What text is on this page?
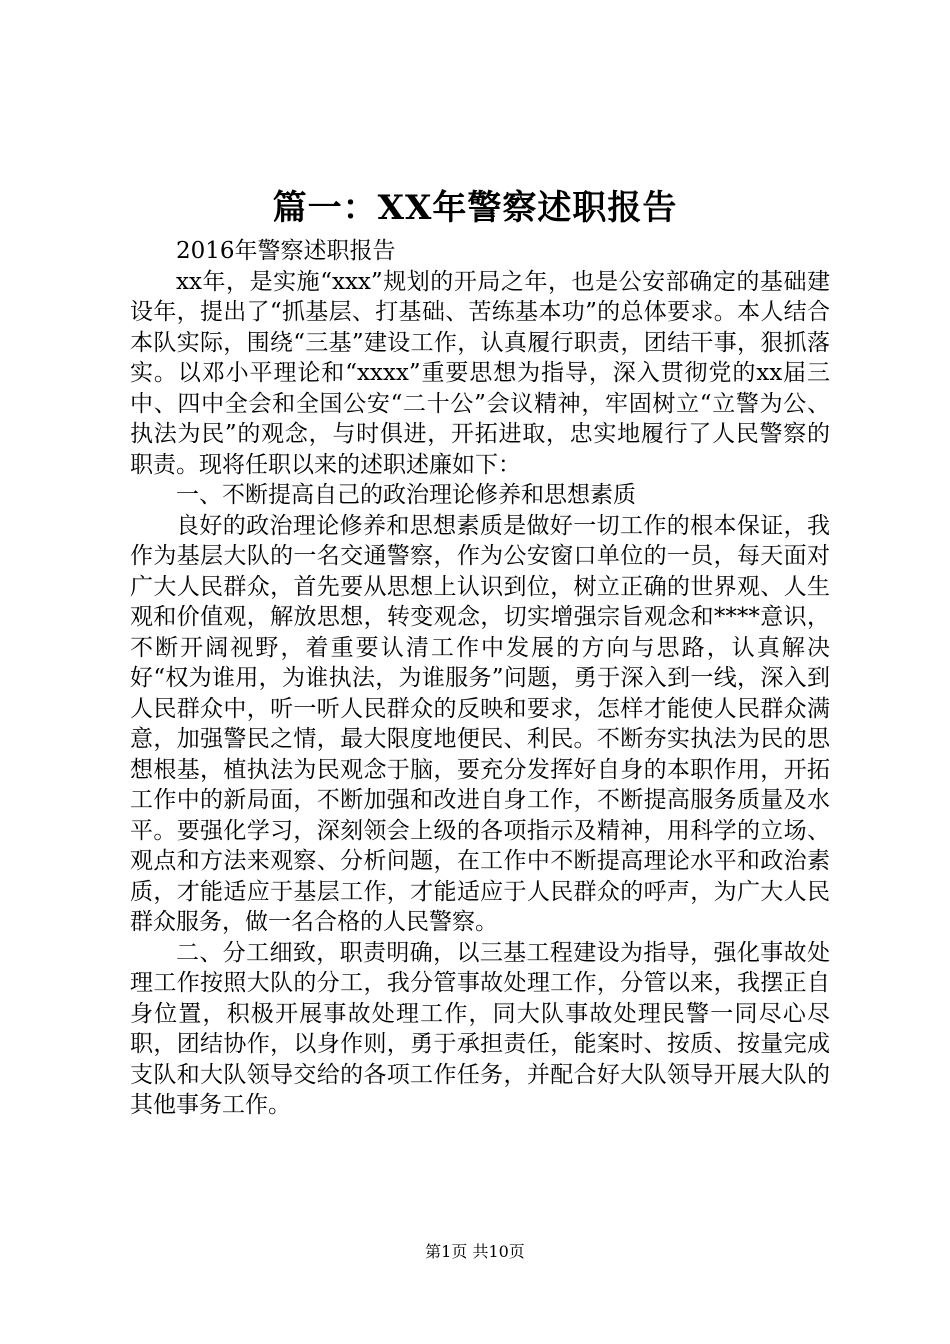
篇一：XX年警察述职报告

2016年警察述职报告

xx年，是实施“xxx”规划的开局之年，也是公安部确定的基础建设年，提出了“抓基层、打基础、苦练基本功”的总体要求。本人结合本队实际，围绕“三基”建设工作，认真履行职责，团结干事，狠抓落实。以邓小平理论和“xxxx”重要思想为指导，深入贯彻党的xx届三中、四中全会和全国公安“二十公”会议精神，牢固树立“立警为公、执法为民”的观念，与时俱进，开拓进取，忠实地履行了人民警察的职责。现将任职以来的述职述廉如下：

一、不断提高自己的政治理论修养和思想素质

良好的政治理论修养和思想素质是做好一切工作的根本保证，我作为基层大队的一名交通警察，作为公安窗口单位的一员，每天面对广大人民群众，首先要从思想上认识到位，树立正确的世界观、人生观和价值观，解放思想，转变观念，切实增强宗旨观念和****意识，不断开阔视野，着重要认清工作中发展的方向与思路，认真解决好“权为谁用，为谁执法，为谁服务”问题，勇于深入到一线，深入到人民群众中，听一听人民群众的反映和要求，怎样才能使人民群众满意，加强警民之情，最大限度地便民、利民。不断夯实执法为民的思想根基，植执法为民观念于脑，要充分发挥好自身的本职作用，开拓工作中的新局面，不断加强和改进自身工作，不断提高服务质量及水平。要强化学习，深刻领会上级的各项指示及精神，用科学的立场、观点和方法来观察、分析问题，在工作中不断提高理论水平和政治素质，才能适应于基层工作，才能适应于人民群众的呼声，为广大人民群众服务，做一名合格的人民警察。

二、分工细致，职责明确，以三基工程建设为指导，强化事故处理工作按照大队的分工，我分管事故处理工作，分管以来，我摆正自身位置，积极开展事故处理工作，同大队事故处理民警一同尽心尽职，团结协作，以身作则，勇于承担责任，能案时、按质、按量完成支队和大队领导交给的各项工作任务，并配合好大队领导开展大队的其他事务工作。

第1页 共10页
